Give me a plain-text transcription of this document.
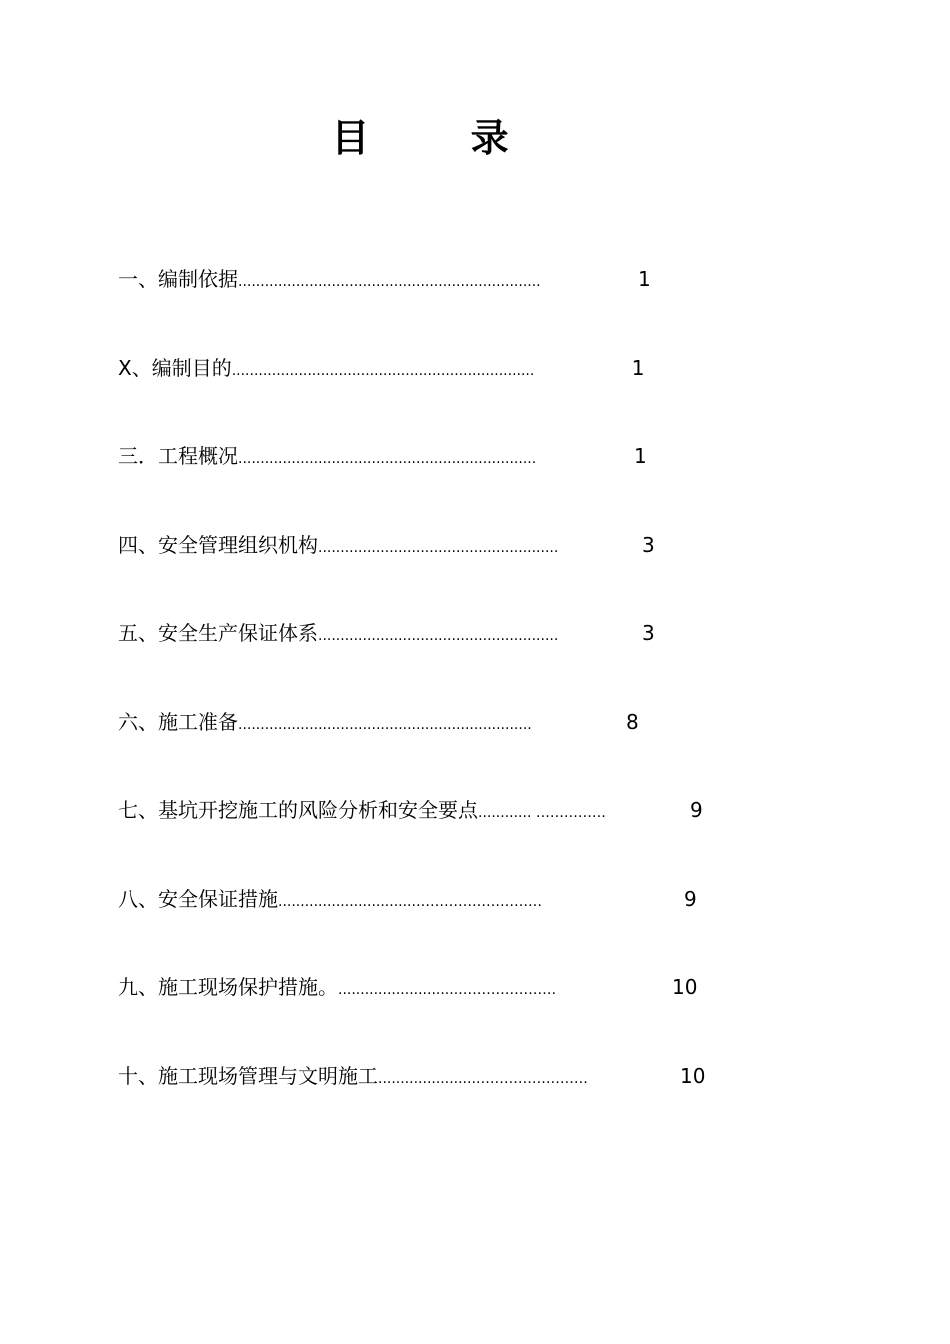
目 录
一、编制依据....................................................................	1
X、编制目的....................................................................	1
三．工程概况...................................................................	1
四、安全管理组织机构......................................................	3
五、安全生产保证体系......................................................	3
六、施工准备..................................................................	8
七、基坑开挖施工的风险分析和安全要点............ ……………	9
八、安全保证措施...............................………………………	9
九、施工现场保护措施。...........................…………………	10
十、施工现场管理与文明施工......................……………………	10
